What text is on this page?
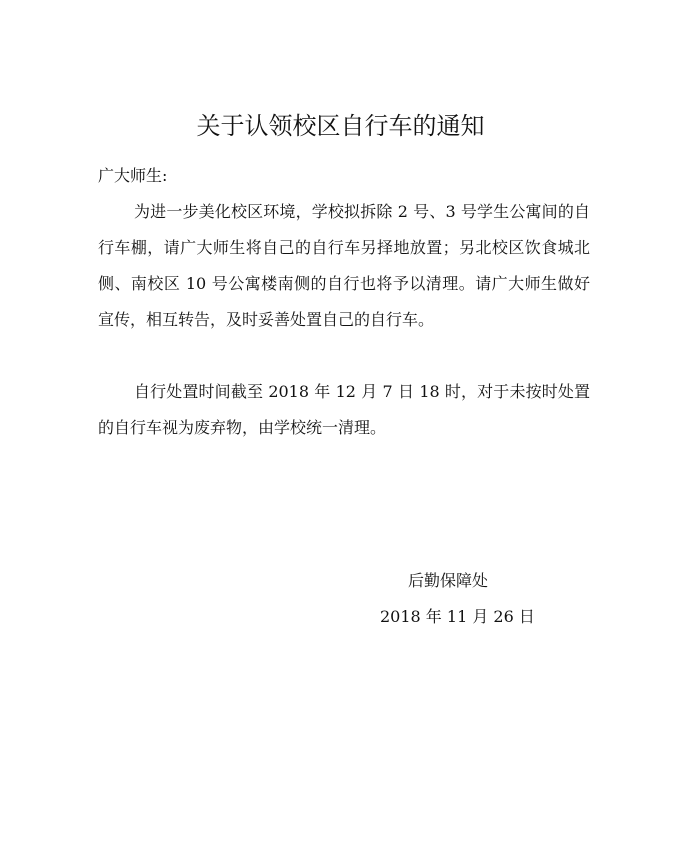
关于认领校区自行车的通知
广大师生:

为进一步美化校区环境，学校拟拆除 2 号、3 号学生公寓间的自行车棚，请广大师生将自己的自行车另择地放置；另北校区饮食城北侧、南校区 10 号公寓楼南侧的自行也将予以清理。请广大师生做好宣传，相互转告，及时妥善处置自己的自行车。

自行处置时间截至 2018 年 12 月 7 日 18 时，对于未按时处置的自行车视为废弃物，由学校统一清理。

后勤保障处
2018 年 11 月 26 日
